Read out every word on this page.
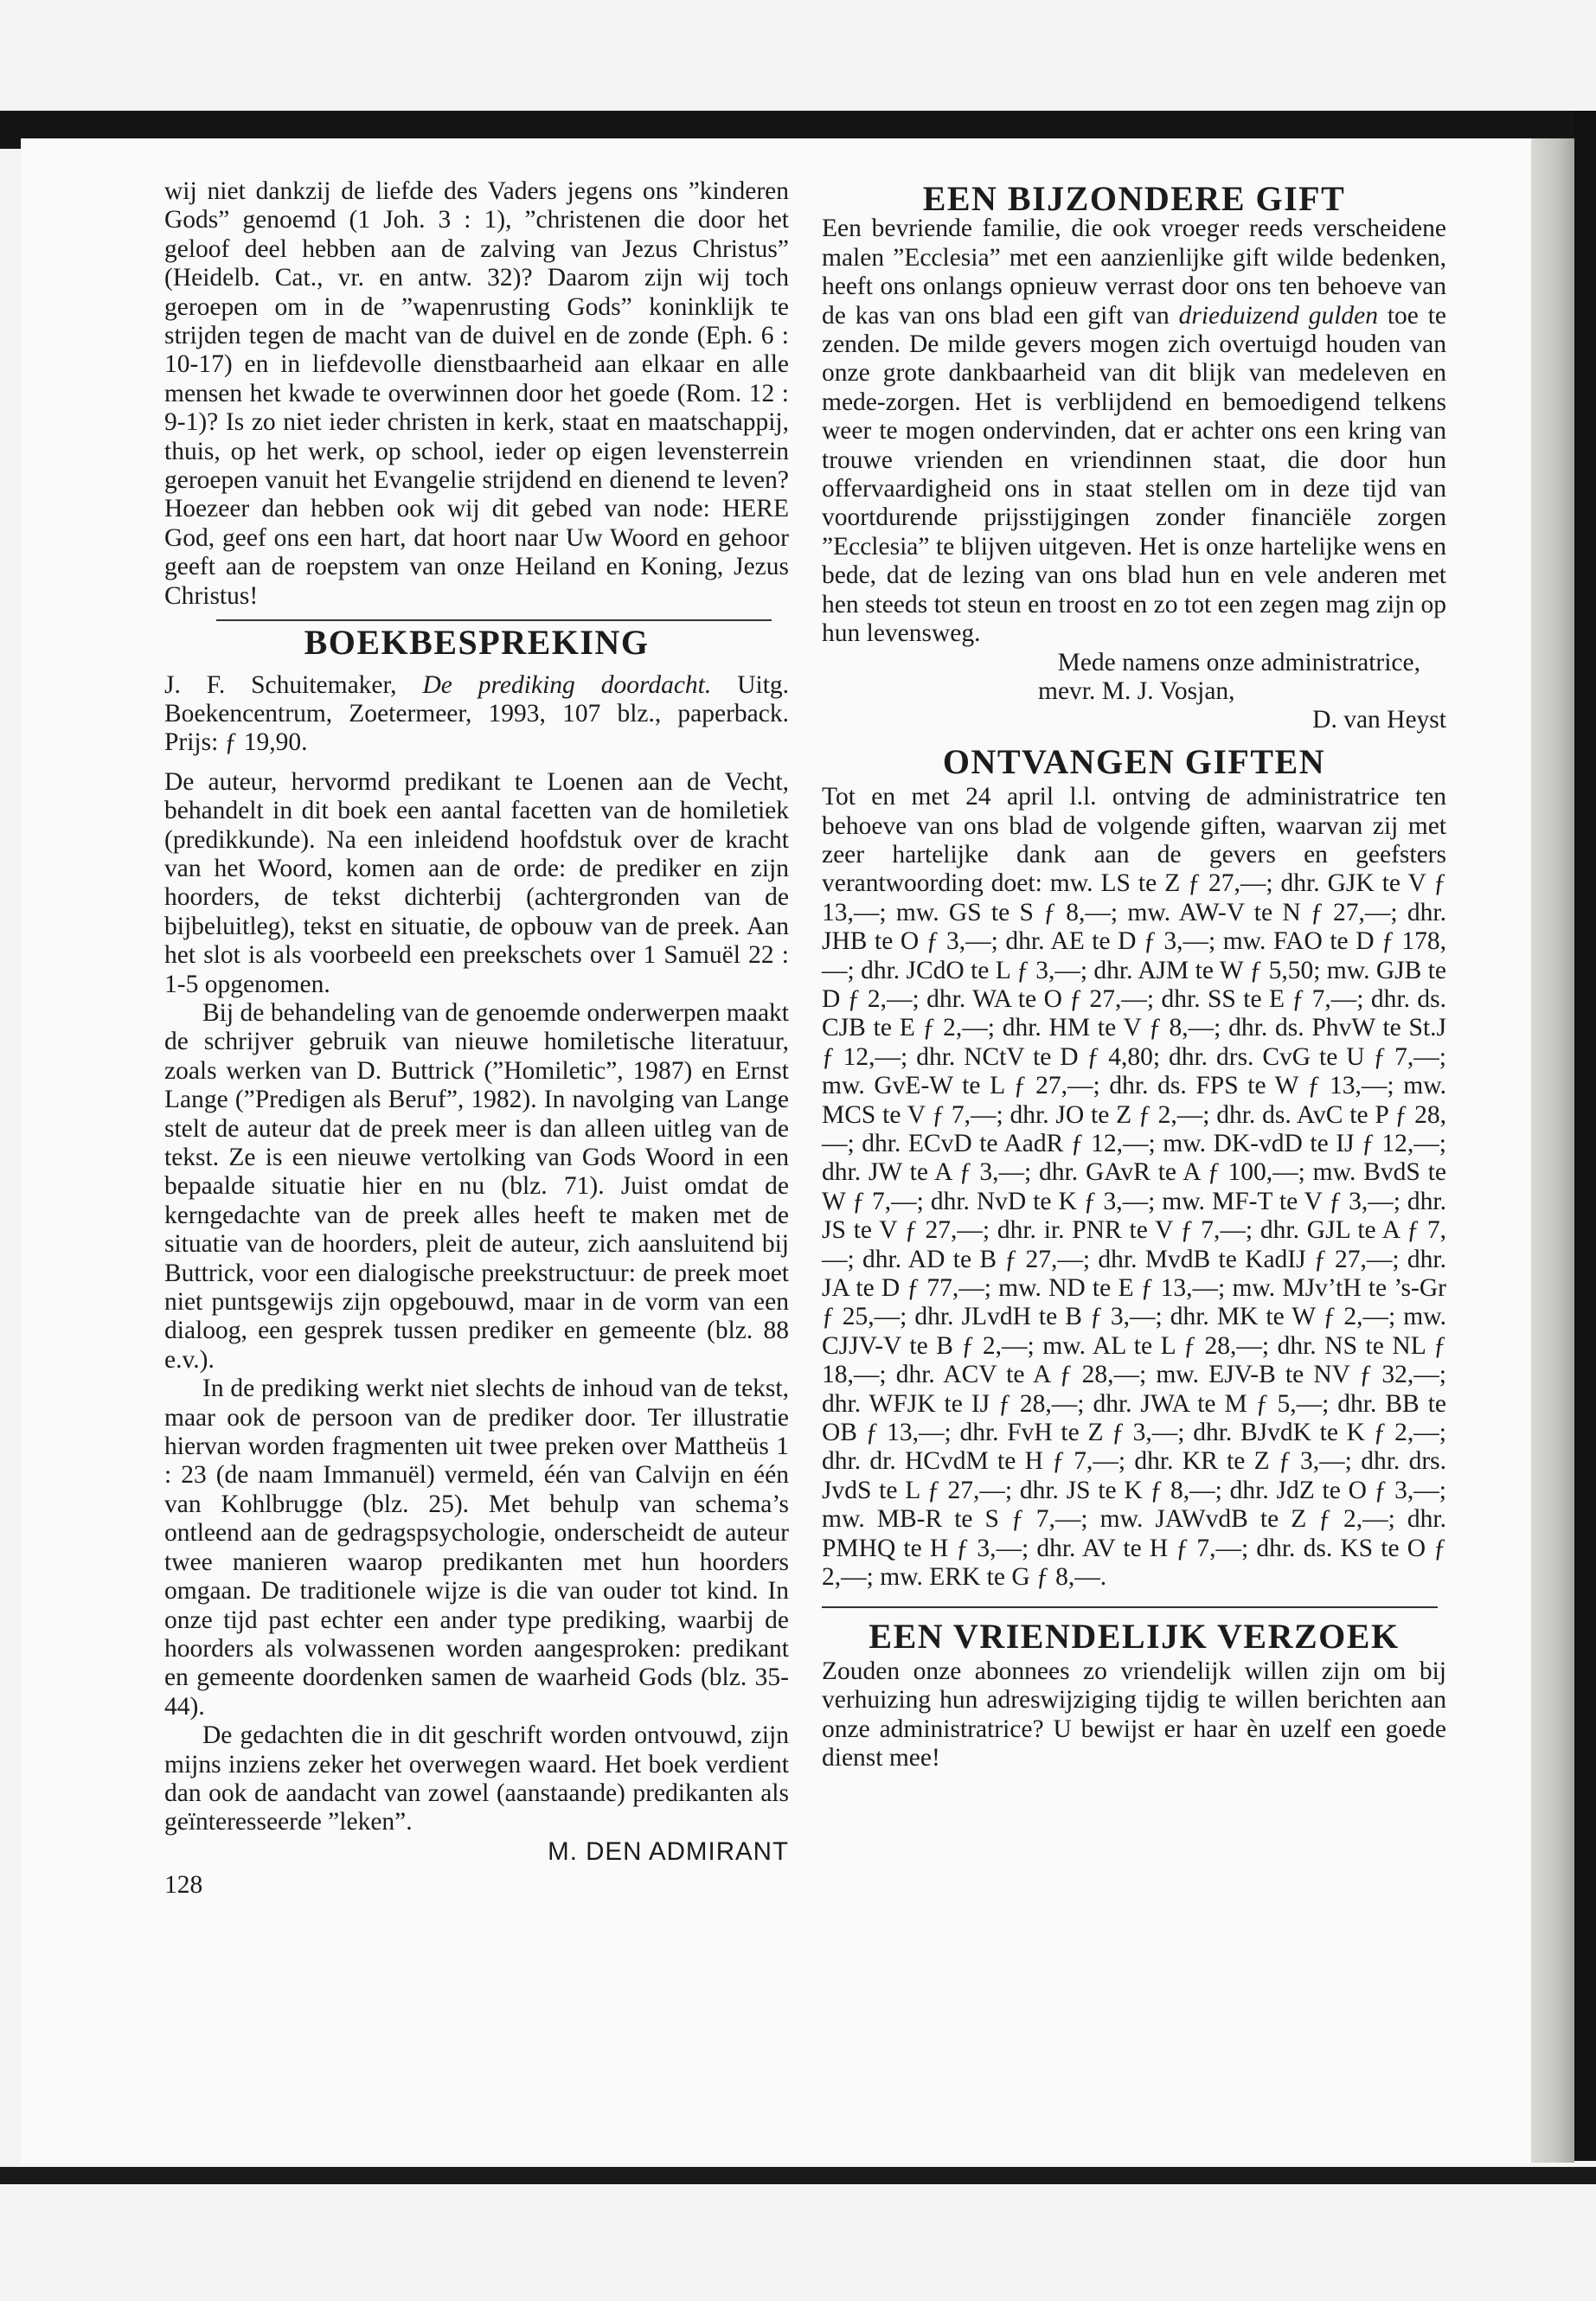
wij niet dankzij de liefde des Vaders jegens ons ”kinderen Gods” genoemd (1 Joh. 3 : 1), ”christenen die door het geloof deel hebben aan de zalving van Jezus Christus” (Heidelb. Cat., vr. en antw. 32)? Daarom zijn wij toch geroepen om in de ”wapenrusting Gods” koninklijk te strijden tegen de macht van de duivel en de zonde (Eph. 6 : 10-17) en in liefdevolle dienstbaarheid aan elkaar en alle mensen het kwade te overwinnen door het goede (Rom. 12 : 9-1)? Is zo niet ieder christen in kerk, staat en maatschappij, thuis, op het werk, op school, ieder op eigen levensterrein geroepen vanuit het Evangelie strijdend en dienend te leven? Hoezeer dan hebben ook wij dit gebed van node: HERE God, geef ons een hart, dat hoort naar Uw Woord en gehoor geeft aan de roepstem van onze Heiland en Koning, Jezus Christus!

BOEKBESPREKING

J. F. Schuitemaker, De prediking doordacht. Uitg. Boekencentrum, Zoetermeer, 1993, 107 blz., paperback. Prijs: ƒ 19,90.

De auteur, hervormd predikant te Loenen aan de Vecht, behandelt in dit boek een aantal facetten van de homiletiek (predikkunde). Na een inleidend hoofdstuk over de kracht van het Woord, komen aan de orde: de prediker en zijn hoorders, de tekst dichterbij (achtergronden van de bijbeluitleg), tekst en situatie, de opbouw van de preek. Aan het slot is als voorbeeld een preekschets over 1 Samuël 22 : 1-5 opgenomen.

Bij de behandeling van de genoemde onderwerpen maakt de schrijver gebruik van nieuwe homiletische literatuur, zoals werken van D. Buttrick (”Homiletic”, 1987) en Ernst Lange (”Predigen als Beruf”, 1982). In navolging van Lange stelt de auteur dat de preek meer is dan alleen uitleg van de tekst. Ze is een nieuwe vertolking van Gods Woord in een bepaalde situatie hier en nu (blz. 71). Juist omdat de kerngedachte van de preek alles heeft te maken met de situatie van de hoorders, pleit de auteur, zich aansluitend bij Buttrick, voor een dialogische preekstructuur: de preek moet niet puntsgewijs zijn opgebouwd, maar in de vorm van een dialoog, een gesprek tussen prediker en gemeente (blz. 88 e.v.).

In de prediking werkt niet slechts de inhoud van de tekst, maar ook de persoon van de prediker door. Ter illustratie hiervan worden fragmenten uit twee preken over Mattheüs 1 : 23 (de naam Immanuël) vermeld, één van Calvijn en één van Kohlbrugge (blz. 25). Met behulp van schema’s ontleend aan de gedragspsychologie, onderscheidt de auteur twee manieren waarop predikanten met hun hoorders omgaan. De traditionele wijze is die van ouder tot kind. In onze tijd past echter een ander type prediking, waarbij de hoorders als volwassenen worden aangesproken: predikant en gemeente doordenken samen de waarheid Gods (blz. 35-44).

De gedachten die in dit geschrift worden ontvouwd, zijn mijns inziens zeker het overwegen waard. Het boek verdient dan ook de aandacht van zowel (aanstaande) predikanten als geïnteresseerde ”leken”.

M. DEN ADMIRANT

128

EEN BIJZONDERE GIFT

Een bevriende familie, die ook vroeger reeds verscheidene malen ”Ecclesia” met een aanzienlijke gift wilde bedenken, heeft ons onlangs opnieuw verrast door ons ten behoeve van de kas van ons blad een gift van drieduizend gulden toe te zenden. De milde gevers mogen zich overtuigd houden van onze grote dankbaarheid van dit blijk van medeleven en mede-zorgen. Het is verblijdend en bemoedigend telkens weer te mogen ondervinden, dat er achter ons een kring van trouwe vrienden en vriendinnen staat, die door hun offervaardigheid ons in staat stellen om in deze tijd van voortdurende prijsstijgingen zonder financiële zorgen ”Ecclesia” te blijven uitgeven. Het is onze hartelijke wens en bede, dat de lezing van ons blad hun en vele anderen met hen steeds tot steun en troost en zo tot een zegen mag zijn op hun levensweg.

Mede namens onze administratrice,

mevr. M. J. Vosjan,

D. van Heyst

ONTVANGEN GIFTEN

Tot en met 24 april l.l. ontving de administratrice ten behoeve van ons blad de volgende giften, waarvan zij met zeer hartelijke dank aan de gevers en geefsters verantwoording doet: mw. LS te Z ƒ 27,—; dhr. GJK te V ƒ 13,—; mw. GS te S ƒ 8,—; mw. AW-V te N ƒ 27,—; dhr. JHB te O ƒ 3,—; dhr. AE te D ƒ 3,—; mw. FAO te D ƒ 178,—; dhr. JCdO te L ƒ 3,—; dhr. AJM te W ƒ 5,50; mw. GJB te D ƒ 2,—; dhr. WA te O ƒ 27,—; dhr. SS te E ƒ 7,—; dhr. ds. CJB te E ƒ 2,—; dhr. HM te V ƒ 8,—; dhr. ds. PhvW te St.J ƒ 12,—; dhr. NCtV te D ƒ 4,80; dhr. drs. CvG te U ƒ 7,—; mw. GvE-W te L ƒ 27,—; dhr. ds. FPS te W ƒ 13,—; mw. MCS te V ƒ 7,—; dhr. JO te Z ƒ 2,—; dhr. ds. AvC te P ƒ 28,—; dhr. ECvD te AadR ƒ 12,—; mw. DK-vdD te IJ ƒ 12,—; dhr. JW te A ƒ 3,—; dhr. GAvR te A ƒ 100,—; mw. BvdS te W ƒ 7,—; dhr. NvD te K ƒ 3,—; mw. MF-T te V ƒ 3,—; dhr. JS te V ƒ 27,—; dhr. ir. PNR te V ƒ 7,—; dhr. GJL te A ƒ 7,—; dhr. AD te B ƒ 27,—; dhr. MvdB te KadIJ ƒ 27,—; dhr. JA te D ƒ 77,—; mw. ND te E ƒ 13,—; mw. MJv’tH te ’s-Gr ƒ 25,—; dhr. JLvdH te B ƒ 3,—; dhr. MK te W ƒ 2,—; mw. CJJV-V te B ƒ 2,—; mw. AL te L ƒ 28,—; dhr. NS te NL ƒ 18,—; dhr. ACV te A ƒ 28,—; mw. EJV-B te NV ƒ 32,—; dhr. WFJK te IJ ƒ 28,—; dhr. JWA te M ƒ 5,—; dhr. BB te OB ƒ 13,—; dhr. FvH te Z ƒ 3,—; dhr. BJvdK te K ƒ 2,—; dhr. dr. HCvdM te H ƒ 7,—; dhr. KR te Z ƒ 3,—; dhr. drs. JvdS te L ƒ 27,—; dhr. JS te K ƒ 8,—; dhr. JdZ te O ƒ 3,—; mw. MB-R te S ƒ 7,—; mw. JAWvdB te Z ƒ 2,—; dhr. PMHQ te H ƒ 3,—; dhr. AV te H ƒ 7,—; dhr. ds. KS te O ƒ 2,—; mw. ERK te G ƒ 8,—.

EEN VRIENDELIJK VERZOEK

Zouden onze abonnees zo vriendelijk willen zijn om bij verhuizing hun adreswijziging tijdig te willen berichten aan onze administratrice? U bewijst er haar èn uzelf een goede dienst mee!
